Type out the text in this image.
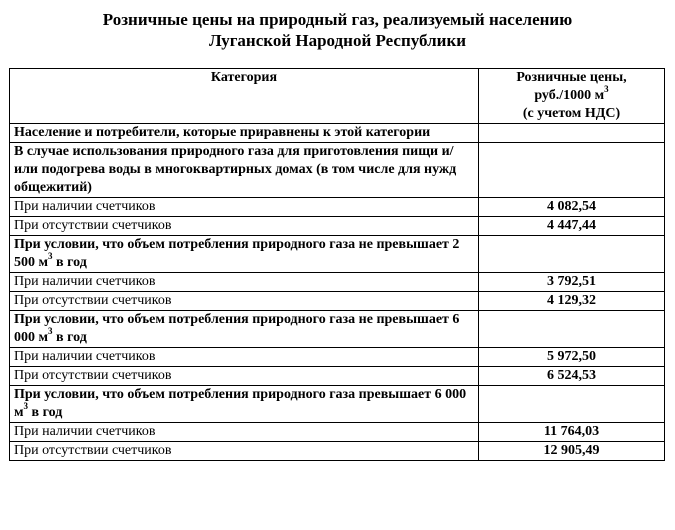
Розничные цены на природный газ, реализуемый населению
Луганской Народной Республики
Категория	Розничные цены,
руб./1000 $м^3$
(с учетом НДС)

Население и потребители, которые приравнены к этой категории	
В случае использования природного газа для приготовления пищи и/или подогрева воды в многоквартирных домах (в том числе для нужд общежитий)	
При наличии счетчиков	4 082,54
При отсутствии счетчиков	4 447,44
При условии, что объем потребления природного газа не превышает 2 500 $м^3$ в год	
При наличии счетчиков	3 792,51
При отсутствии счетчиков	4 129,32
При условии, что объем потребления природного газа не превышает 6 000 $м^3$ в год	
При наличии счетчиков	5 972,50
При отсутствии счетчиков	6 524,53
При условии, что объем потребления природного газа превышает 6 000 $м^3$ в год	
При наличии счетчиков	11 764,03
При отсутствии счетчиков	12 905,49
